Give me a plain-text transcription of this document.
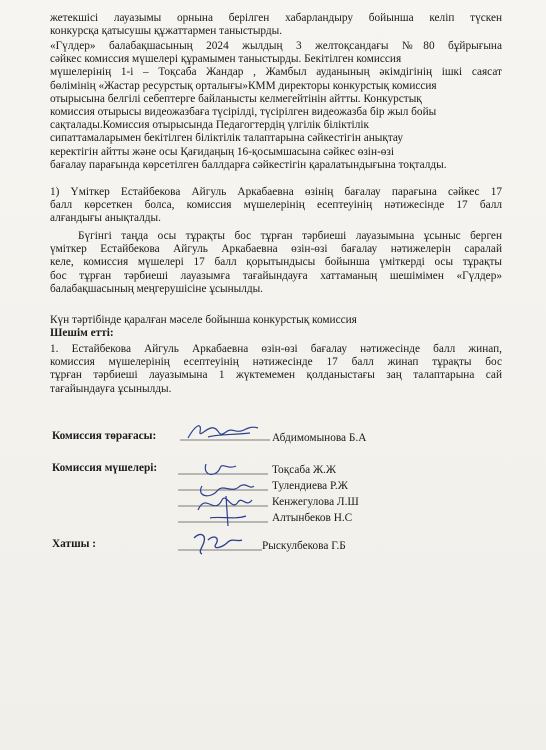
жетекшісі лауазымы орнына берілген хабарландыру бойынша келіп түскен
конкурсқа қатысушы құжаттармен таныстырды.
«Гүлдер» балабақшасының 2024 жылдың 3 желтоқсандағы №80 бұйрығына
сәйкес комиссия мүшелері құрамымен таныстырды. Бекітілген комиссия
мүшелерінің 1-і – Тоқсаба Жандар , Жамбыл ауданының әкімдігінің ішкі саясат
бөлімінің «Жастар ресурстық орталығы»КММ директоры конкурстық комиссия
отырысына белгілі себептерге байланысты келмегейтінін айтты. Конкурстық
комиссия отырысы видеожазбаға түсірілді, түсірілген видеожазба бір жыл бойы
сақталады.Комиссия отырысында Педагогтердің үлгілік біліктілік
сипаттамаларымен бекітілген біліктілік талаптарына сәйкестігін анықтау
керектігін айтты және осы Қағидаңың 16-қосымшасына сәйкес өзін-өзі
бағалау парағында көрсетілген баллдарға сәйкестігін қаралатындығына тоқталды.
1) Үміткер Естайбекова Айгуль Аркабаевна өзінің бағалау парағына сәйкес 17
балл көрсеткен болса, комиссия мүшелерінің есептеуінің нәтижесінде 17 балл
алғандығы анықталды.
Бүгінгі таңда осы тұрақты бос тұрған тәрбиеші лауазымына ұсыныс берген
үміткер Естайбекова Айгуль Аркабаевна өзін-өзі бағалау нәтижелерін саралай
келе, комиссия мүшелері 17 балл қорытындысы бойынша үміткерді осы тұрақты
бос тұрған тәрбиеші лауазымға тағайындауға хаттаманың шешімімен «Гүлдер»
балабақшасының меңгерушісіне ұсынылды.
Күн тәртібінде қаралған мәселе бойынша конкурстық комиссия
Шешім етті:
1. Естайбекова Айгуль Аркабаевна өзін-өзі бағалау нәтижесінде балл жинап,
комиссия мүшелерінің есептеуінің нәтижесінде 17 балл жинап тұрақты бос
тұрған тәрбиеші лауазымына 1 жүктемемен қолданыстағы заң талаптарына сай
тағайындауға ұсынылды.
Комиссия төрағасы:	Абдимомынова Б.А
Комиссия мүшелері:	Тоқсаба Ж.Ж
Тулендиева Р.Ж
Кенжегулова Л.Ш
Алтынбеков Н.С
Хатшы :	Рыскулбекова Г.Б
